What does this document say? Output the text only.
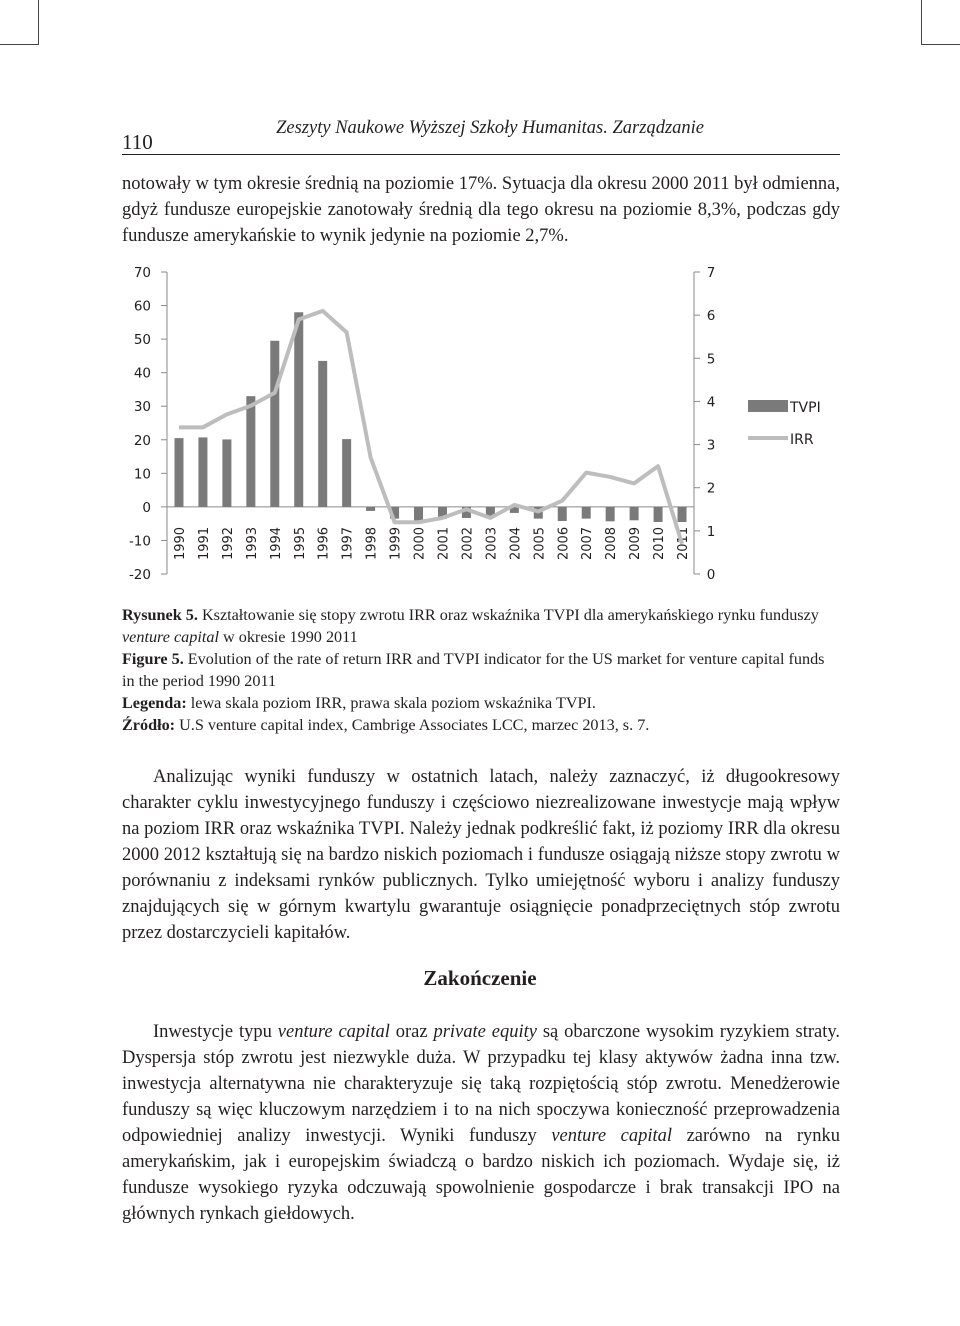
110
Zeszyty Naukowe Wyższej Szkoły Humanitas. Zarządzanie

notowały w tym okresie średnią na poziomie 17%. Sytuacja dla okresu 2000 2011 był odmienna, gdyż fundusze europejskie zanotowały średnią dla tego okresu na poziomie 8,3%, podczas gdy fundusze amerykańskie to wynik jedynie na poziomie 2,7%.

70
60
50
40
30
20
10
0
-10
-20
7
6
5
4
3
2
1
0
1990 1991 1992 1993 1994 1995 1996 1997 1998 1999 2000 2001 2002 2003 2004 2005 2006 2007 2008 2009 2010 2011
TVPI
IRR

Rysunek 5. Kształtowanie się stopy zwrotu IRR oraz wskaźnika TVPI dla amerykańskiego rynku funduszy venture capital w okresie 1990 2011

Figure 5. Evolution of the rate of return IRR and TVPI indicator for the US market for venture capital funds in the period 1990 2011

Legenda: lewa skala poziom IRR, prawa skala poziom wskaźnika TVPI.

Źródło: U.S venture capital index, Cambrige Associates LCC, marzec 2013, s. 7.

Analizując wyniki funduszy w ostatnich latach, należy zaznaczyć, iż długookresowy charakter cyklu inwestycyjnego funduszy i częściowo niezrealizowane inwestycje mają wpływ na poziom IRR oraz wskaźnika TVPI. Należy jednak podkreślić fakt, iż poziomy IRR dla okresu 2000 2012 kształtują się na bardzo niskich poziomach i fundusze osiągają niższe stopy zwrotu w porównaniu z indeksami rynków publicznych. Tylko umiejętność wyboru i analizy funduszy znajdujących się w górnym kwartylu gwarantuje osiągnięcie ponadprzeciętnych stóp zwrotu przez dostarczycieli kapitałów.

Zakończenie

Inwestycje typu venture capital oraz private equity są obarczone wysokim ryzykiem straty. Dyspersja stóp zwrotu jest niezwykle duża. W przypadku tej klasy aktywów żadna inna tzw. inwestycja alternatywna nie charakteryzuje się taką rozpiętością stóp zwrotu. Menedżerowie funduszy są więc kluczowym narzędziem i to na nich spoczywa konieczność przeprowadzenia odpowiedniej analizy inwestycji. Wyniki funduszy venture capital zarówno na rynku amerykańskim, jak i europejskim świadczą o bardzo niskich ich poziomach. Wydaje się, iż fundusze wysokiego ryzyka odczuwają spowolnienie gospodarcze i brak transakcji IPO na głównych rynkach giełdowych.
